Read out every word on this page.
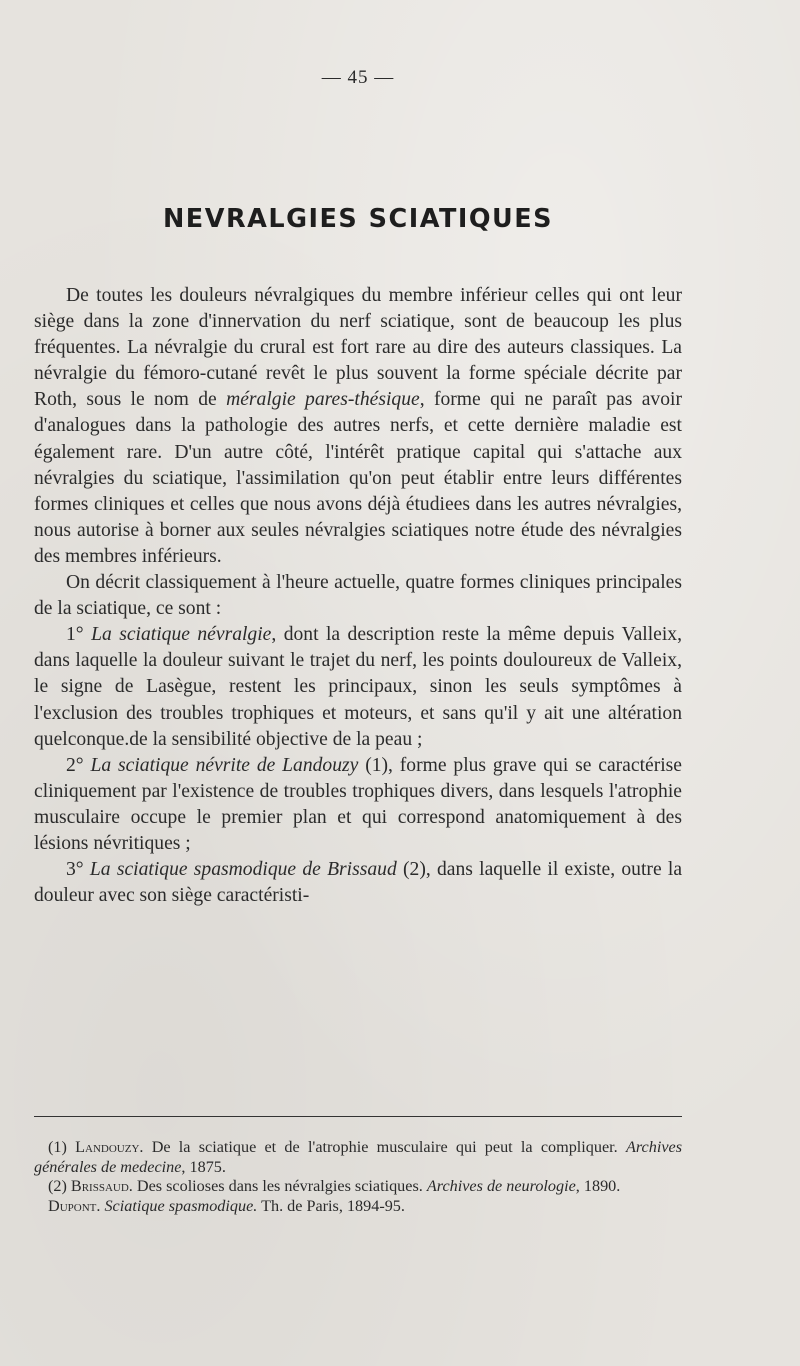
— 45 —
NEVRALGIES SCIATIQUES

De toutes les douleurs névralgiques du membre inférieur celles qui ont leur siège dans la zone d'innervation du nerf sciatique, sont de beaucoup les plus fréquentes. La névralgie du crural est fort rare au dire des auteurs classiques. La névralgie du fémoro-cutané revêt le plus souvent la forme spéciale décrite par Roth, sous le nom de méralgie pares-thésique, forme qui ne paraît pas avoir d'analogues dans la pathologie des autres nerfs, et cette dernière maladie est également rare. D'un autre côté, l'intérêt pratique capital qui s'attache aux névralgies du sciatique, l'assimilation qu'on peut établir entre leurs différentes formes cliniques et celles que nous avons déjà étudiees dans les autres névralgies, nous autorise à borner aux seules névralgies sciatiques notre étude des névralgies des membres inférieurs.

On décrit classiquement à l'heure actuelle, quatre formes cliniques principales de la sciatique, ce sont :

1° La sciatique névralgie, dont la description reste la même depuis Valleix, dans laquelle la douleur suivant le trajet du nerf, les points douloureux de Valleix, le signe de Lasègue, restent les principaux, sinon les seuls symptômes à l'exclusion des troubles trophiques et moteurs, et sans qu'il y ait une altération quelconque.de la sensibilité objective de la peau ;

2° La sciatique névrite de Landouzy (1), forme plus grave qui se caractérise cliniquement par l'existence de troubles trophiques divers, dans lesquels l'atrophie musculaire occupe le premier plan et qui correspond anatomiquement à des lésions névritiques ;

3° La sciatique spasmodique de Brissaud (2), dans laquelle il existe, outre la douleur avec son siège caractéristi-

(1) Landouzy. De la sciatique et de l'atrophie musculaire qui peut la compliquer. Archives générales de medecine, 1875.

(2) Brissaud. Des scolioses dans les névralgies sciatiques. Archives de neurologie, 1890.

Dupont. Sciatique spasmodique. Th. de Paris, 1894-95.
